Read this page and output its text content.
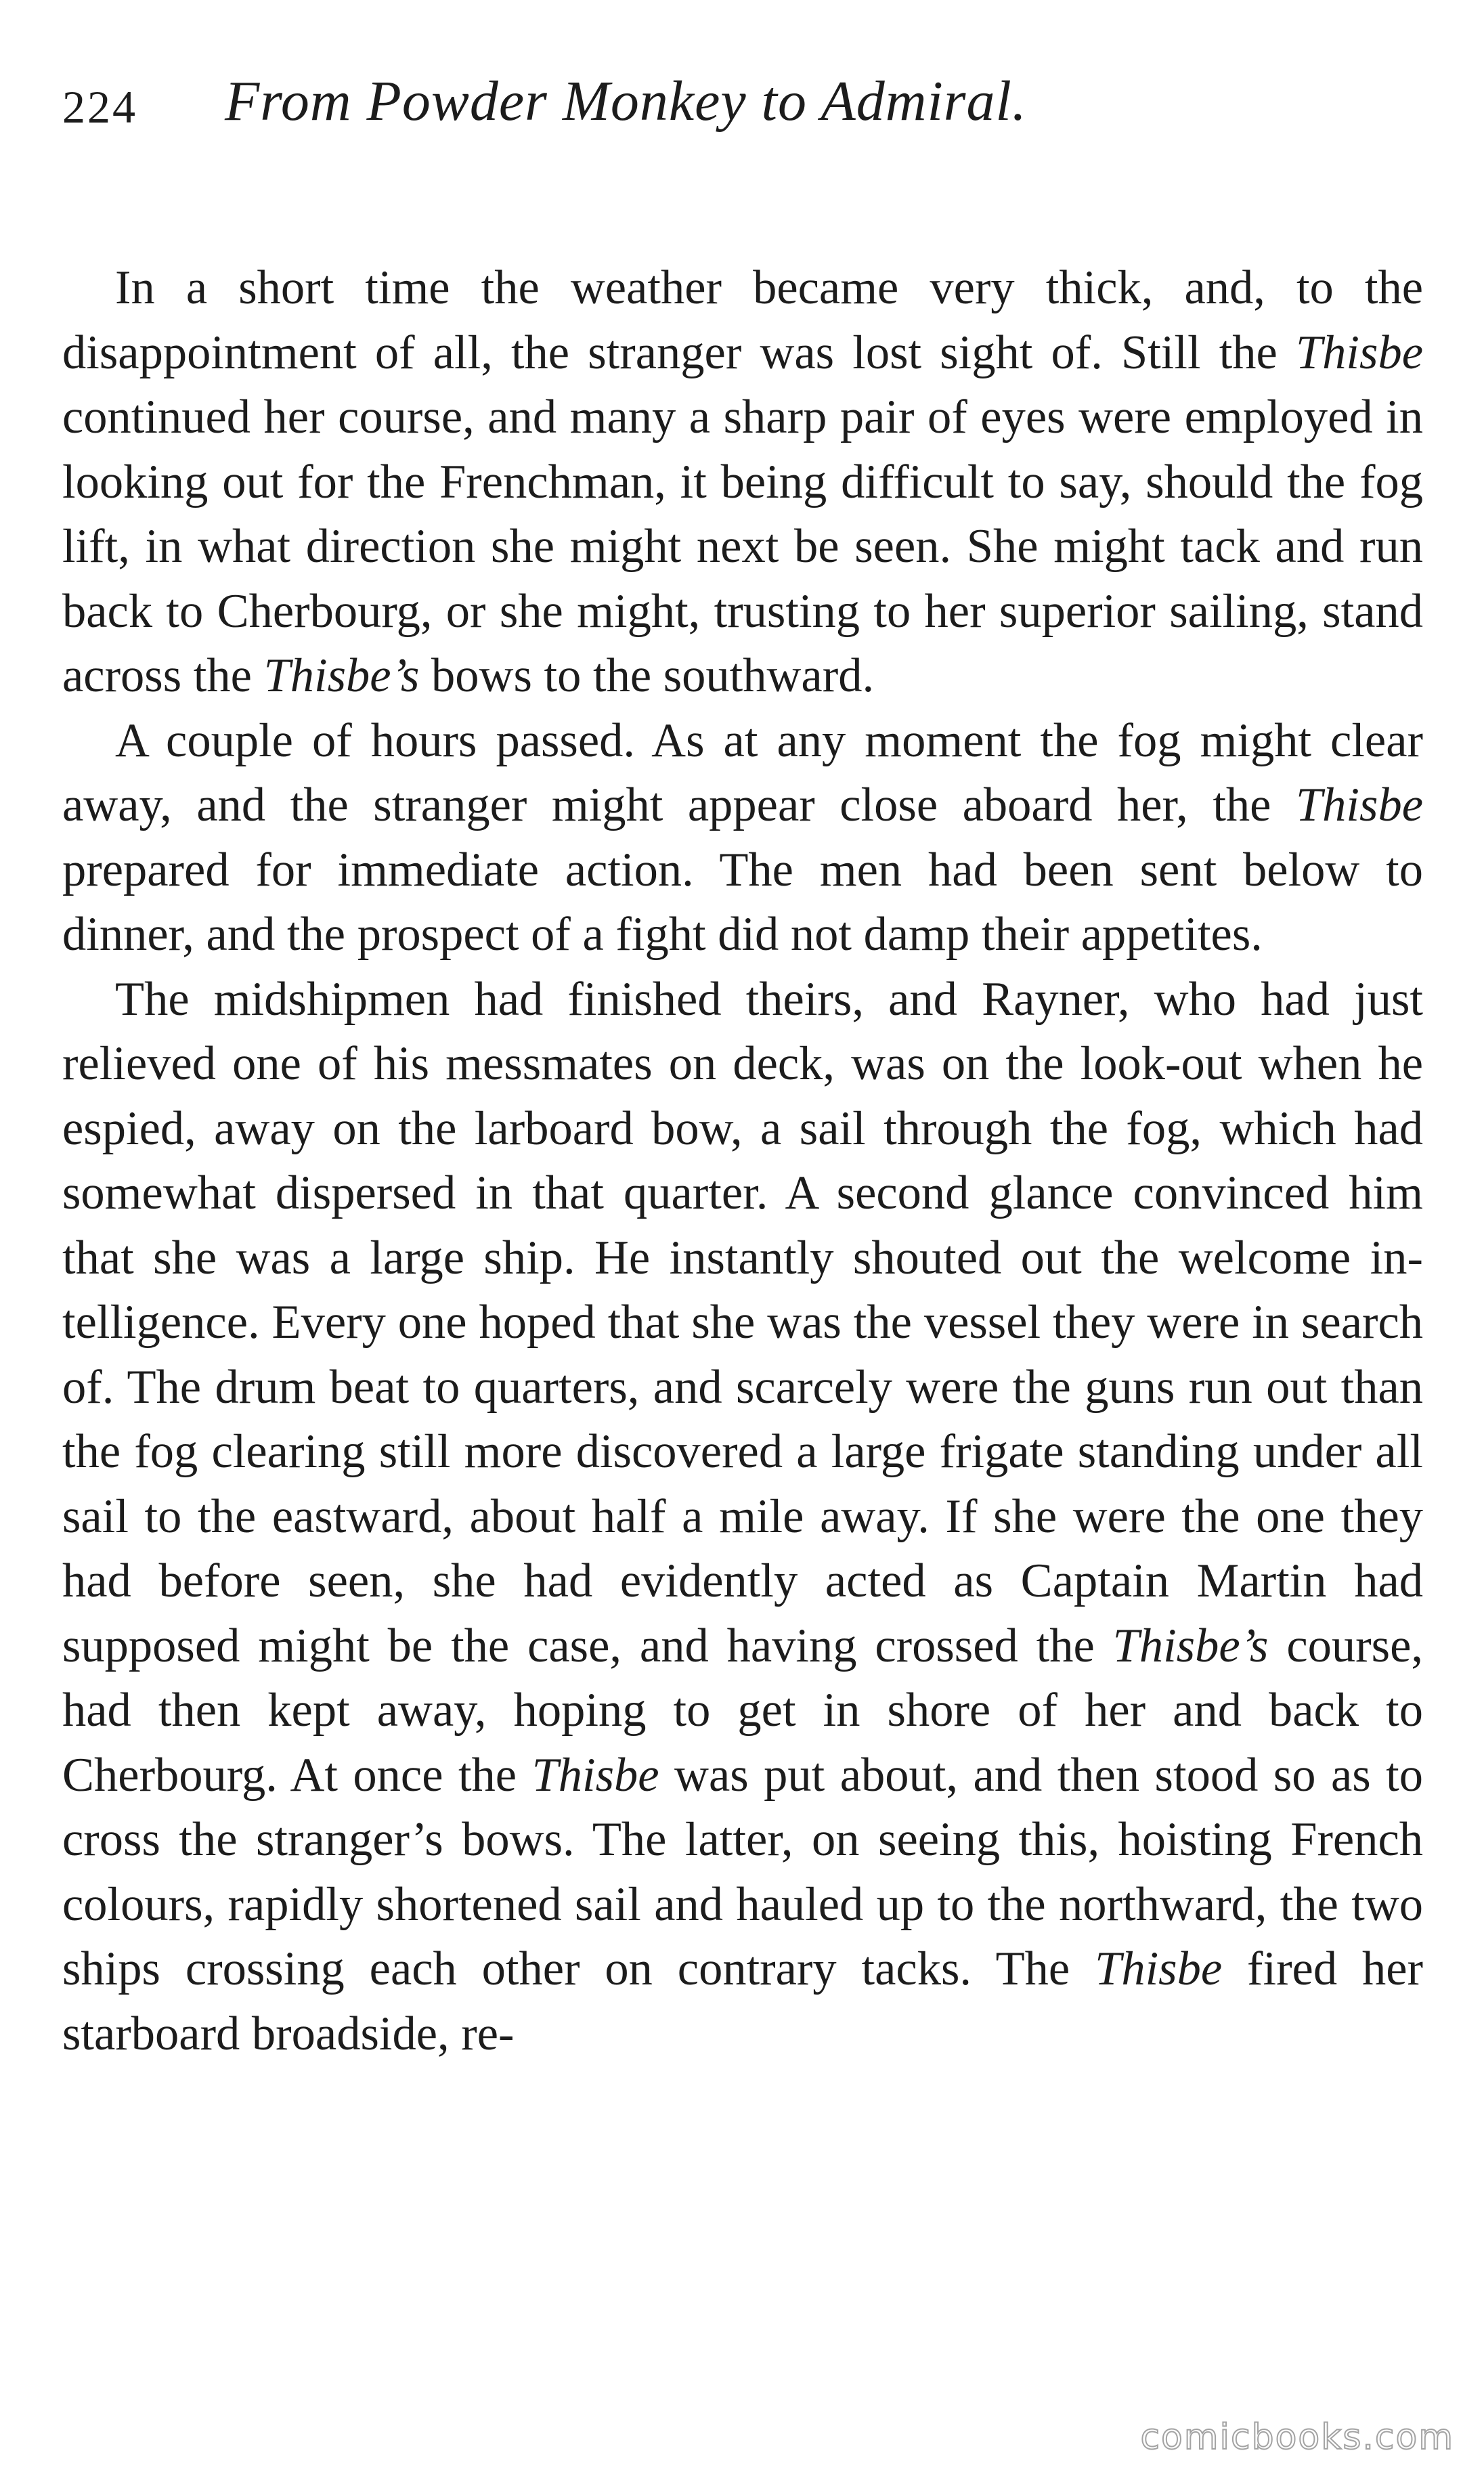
224 From Powder Monkey to Admiral.

In a short time the weather became very thick, and, to the disappointment of all, the stranger was lost sight of. Still the Thisbe continued her course, and many a sharp pair of eyes were employed in looking out for the Frenchman, it being difficult to say, should the fog lift, in what direction she might next be seen. She might tack and run back to Cherbourg, or she might, trusting to her superior sailing, stand across the Thisbe’s bows to the southward.

A couple of hours passed. As at any moment the fog might clear away, and the stranger might appear close aboard her, the Thisbe prepared for immediate action. The men had been sent below to dinner, and the prospect of a fight did not damp their appetites.

The midshipmen had finished theirs, and Rayner, who had just relieved one of his messmates on deck, was on the look-out when he espied, away on the larboard bow, a sail through the fog, which had somewhat dispersed in that quarter. A second glance convinced him that she was a large ship. He instantly shouted out the welcome intelligence. Every one hoped that she was the vessel they were in search of. The drum beat to quarters, and scarcely were the guns run out than the fog clearing still more discovered a large frigate standing under all sail to the eastward, about half a mile away. If she were the one they had before seen, she had evidently acted as Captain Martin had supposed might be the case, and having crossed the Thisbe’s course, had then kept away, hoping to get in shore of her and back to Cherbourg. At once the Thisbe was put about, and then stood so as to cross the stranger’s bows. The latter, on seeing this, hoisting French colours, rapidly shortened sail and hauled up to the northward, the two ships crossing each other on contrary tacks. The Thisbe fired her starboard broadside, re-

comicbooks.com
